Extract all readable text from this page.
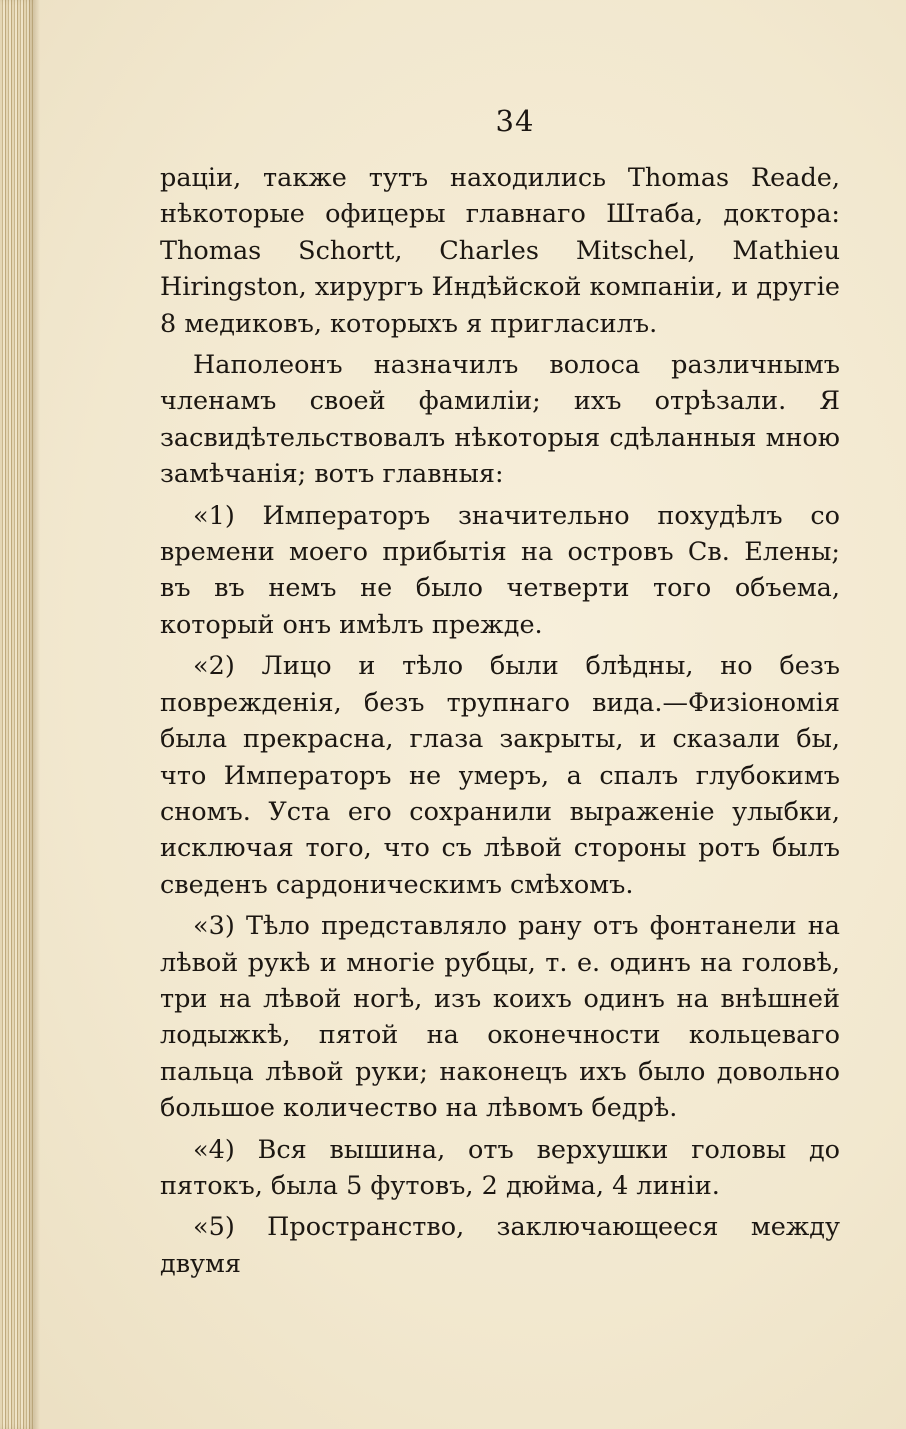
34

раціи, также тутъ находились Thomas Reade, нѣкоторые офицеры главнаго Штаба, доктора: Thomas Schortt, Charles Mitschel, Mathieu Hiringston, хирургъ Индѣйской компаніи, и другіе 8 медиковъ, которыхъ я пригласилъ.

Наполеонъ назначилъ волоса различнымъ членамъ своей фамиліи; ихъ отрѣзали. Я засвидѣтельствовалъ нѣкоторыя сдѣланныя мною замѣчанія; вотъ главныя:

«1) Императоръ значительно похудѣлъ со времени моего прибытія на островъ Св. Елены; въ въ немъ не было четверти того объема, который онъ имѣлъ прежде.

«2) Лицо и тѣло были блѣдны, но безъ поврежденія, безъ трупнаго вида.—Физіономія была прекрасна, глаза закрыты, и сказали бы, что Императоръ не умеръ, а спалъ глубокимъ сномъ. Уста его сохранили выраженіе улыбки, исключая того, что съ лѣвой стороны ротъ былъ сведенъ сардоническимъ смѣхомъ.

«3) Тѣло представляло рану отъ фонтанели на лѣвой рукѣ и многіе рубцы, т. е. одинъ на головѣ, три на лѣвой ногѣ, изъ коихъ одинъ на внѣшней лодыжкѣ, пятой на оконечности кольцеваго пальца лѣвой руки; наконецъ ихъ было довольно большое количество на лѣвомъ бедрѣ.

«4) Вся вышина, отъ верхушки головы до пятокъ, была 5 футовъ, 2 дюйма, 4 линіи.

«5) Пространство, заключающееся между двумя
